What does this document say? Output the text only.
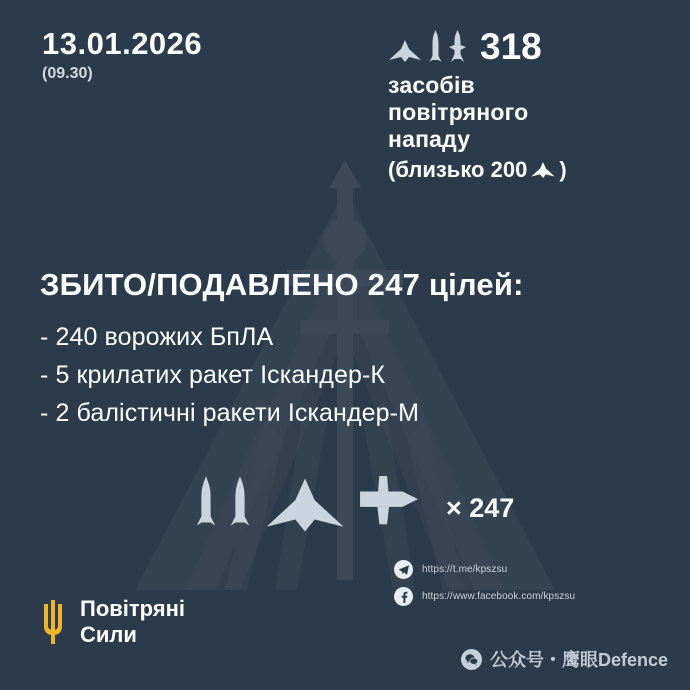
13.01.2026
(09.30)
318
засобів
повітряного
нападу
(близько 200 )
ЗБИТО/ПОДАВЛЕНО 247 цілей:
- 240 ворожих БпЛА
- 5 крилатих ракет Іскандер-К
- 2 балістичні ракети Іскандер-М
× 247
Повітряні
Сили
https://t.me/kpszsu
https://www.facebook.com/kpszsu
公众号・鹰眼Defence
